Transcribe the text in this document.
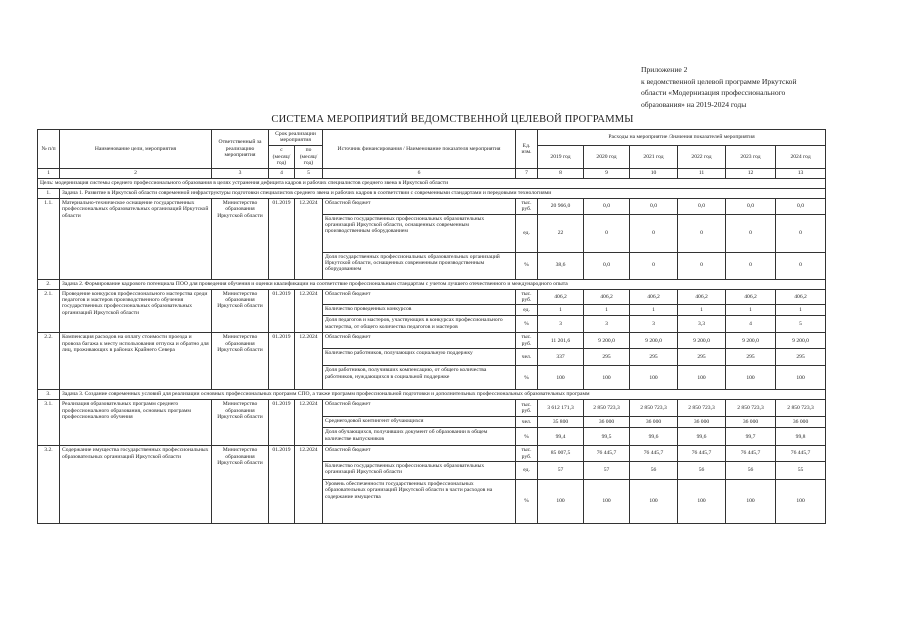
Приложение 2
к ведомственной целевой программе Иркутской
области «Модернизация профессионального
образования» на 2019-2024 годы
СИСТЕМА МЕРОПРИЯТИЙ ВЕДОМСТВЕННОЙ ЦЕЛЕВОЙ ПРОГРАММЫ
№ п/п	Наименование цели, мероприятия	Ответственный за реализацию мероприятия	Срок реализации мероприятия		Источник финансирования / Наименование показателя мероприятия	Ед. изм.	Расходы на мероприятие /Значения показателей мероприятия					
			с (месяц/ год)	по (месяц/ год)			2019 год	2020 год	2021 год	2022 год	2023 год	2024 год

1	2	3	4	5	6	7	8	9	10	11	12	13
Цель: модернизация системы среднего профессионального образования в целях устранения дефицита кадров и рабочих специалистов среднего звена в Иркутской области												
1.	Задача 1. Развитие в Иркутской области современной инфраструктуры подготовки специалистов среднего звена и рабочих кадров в соответствии с современными стандартами и передовыми технологиями											
1.1.	Материально-техническое оснащение государственных профессиональных образовательных организаций Иркутской области	Министерство образования Иркутской области	01.2019	12.2024	Областной бюджет	тыс. руб.	20 966,0	0,0	0,0	0,0	0,0	0,0
					Количество государственных профессиональных образовательных организаций Иркутской области, оснащенных современным производственным оборудованием	ед.	22	0	0	0	0	0
					Доля государственных профессиональных образовательных организаций Иркутской области, оснащенных современным производственным оборудованием	%	38,6	0,0	0	0	0	0
2.	Задача 2. Формирование кадрового потенциала ПОО для проведения обучения и оценки квалификации на соответствие профессиональным стандартам с учетом лучшего отечественного и международного опыта											
2.1.	Проведение конкурсов профессионального мастерства среди педагогов и мастеров производственного обучения государственных профессиональных образовательных организаций Иркутской области	Министерство образования Иркутской области	01.2019	12.2024	Областной бюджет	тыс. руб.	406,2	406,2	406,2	406,2	406,2	406,2
					Количество проведенных конкурсов	ед.	1	1	1	1	1	1
					Доля педагогов и мастеров, участвующих в конкурсах профессионального мастерства, от общего количества педагогов и мастеров	%	3	3	3	3,3	4	5
2.2.	Компенсация расходов на оплату стоимости проезда и провоза багажа к месту использования отпуска и обратно для лиц, проживающих в районах Крайнего Севера	Министерство образования Иркутской области	01.2019	12.2024	Областной бюджет	тыс. руб.	11 201,6	9 200,0	9 200,0	9 200,0	9 200,0	9 200,0
					Количество работников, получающих социальную поддержку	чел.	337	295	295	295	295	295
					Доля работников, получивших компенсацию, от общего количества работников, нуждающихся в социальной поддержке	%	100	100	100	100	100	100
3.	Задача 3. Создание современных условий для реализации основных профессиональных программ СПО, а также программ профессиональной подготовки и дополнительных профессиональных образовательных программ											
3.1.	Реализация образовательных программ среднего профессионального образования, основных программ профессионального обучения	Министерство образования Иркутской области	01.2019	12.2024	Областной бюджет	тыс. руб.	3 612 171,3	2 850 723,3	2 850 723,3	2 850 723,3	2 850 723,3	2 850 723,3
					Среднегодовой контингент обучающихся	чел.	35 800	36 000	36 000	36 000	36 000	36 000
					Доля обучающихся, получивших документ об образовании в общем количестве выпускников	%	99,4	99,5	99,6	99,6	99,7	99,8
3.2.	Содержание имущества государственных профессиональных образовательных организаций Иркутской области	Министерство образования Иркутской области	01.2019	12.2024	Областной бюджет	тыс. руб.	85 007,5	76 445,7	76 445,7	76 445,7	76 445,7	76 445,7
					Количество государственных профессиональных образовательных организаций Иркутской области	ед.	57	57	56	56	56	55
					Уровень обеспеченности государственных профессиональных образовательных организаций Иркутской области в части расходов на содержание имущества	%	100	100	100	100	100	100
